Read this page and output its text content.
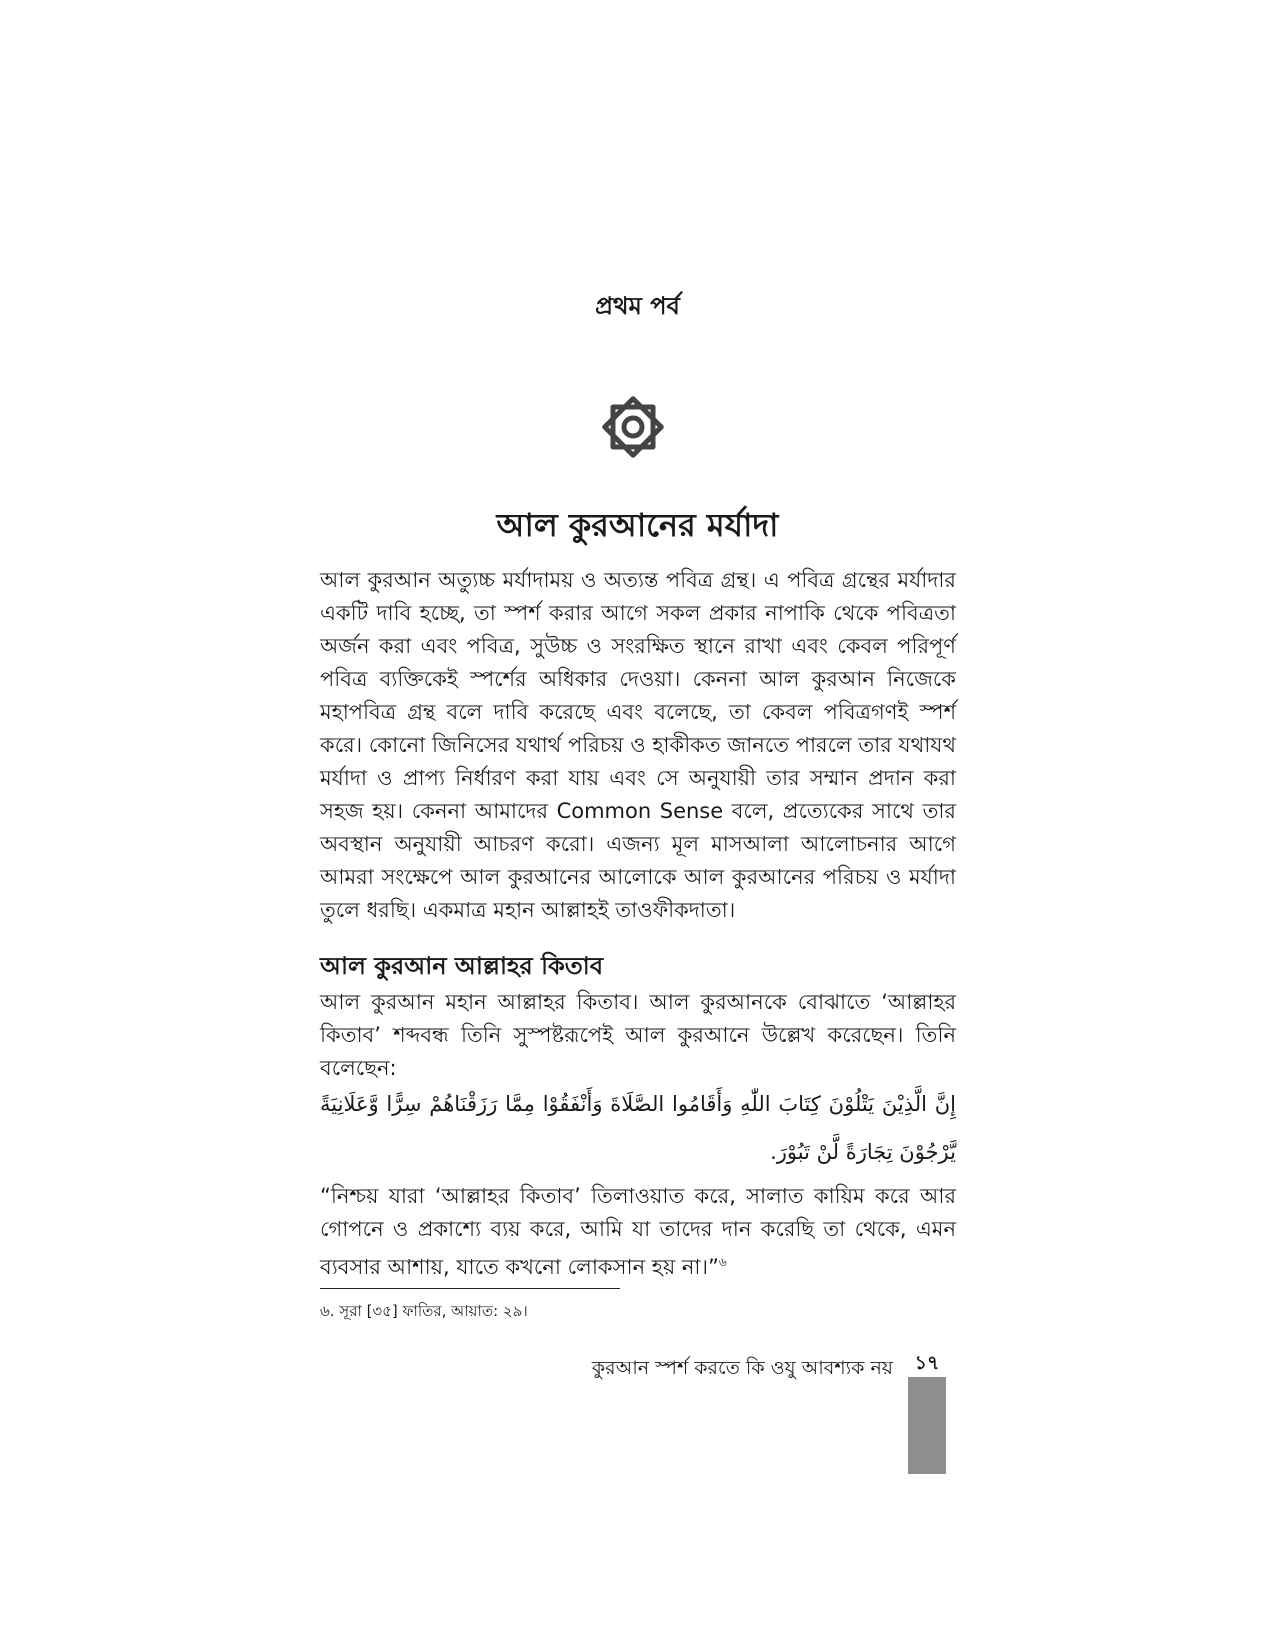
প্রথম পর্ব
আল কুরআনের মর্যাদা

আল কুরআন অত্যুচ্চ মর্যাদাময় ও অত্যন্ত পবিত্র গ্রন্থ। এ পবিত্র গ্রন্থের মর্যাদার একটি দাবি হচ্ছে, তা স্পর্শ করার আগে সকল প্রকার নাপাকি থেকে পবিত্রতা অর্জন করা এবং পবিত্র, সুউচ্চ ও সংরক্ষিত স্থানে রাখা এবং কেবল পরিপূর্ণ পবিত্র ব্যক্তিকেই স্পর্শের অধিকার দেওয়া। কেননা আল কুরআন নিজেকে মহাপবিত্র গ্রন্থ বলে দাবি করেছে এবং বলেছে, তা কেবল পবিত্রগণই স্পর্শ করে। কোনো জিনিসের যথার্থ পরিচয় ও হাকীকত জানতে পারলে তার যথাযথ মর্যাদা ও প্রাপ্য নির্ধারণ করা যায় এবং সে অনুযায়ী তার সম্মান প্রদান করা সহজ হয়। কেননা আমাদের Common Sense বলে, প্রত্যেকের সাথে তার অবস্থান অনুযায়ী আচরণ করো। এজন্য মূল মাসআলা আলোচনার আগে আমরা সংক্ষেপে আল কুরআনের আলোকে আল কুরআনের পরিচয় ও মর্যাদা তুলে ধরছি। একমাত্র মহান আল্লাহই তাওফীকদাতা।

আল কুরআন আল্লাহর কিতাব

আল কুরআন মহান আল্লাহর কিতাব। আল কুরআনকে বোঝাতে ‘আল্লাহর কিতাব’ শব্দবন্ধ তিনি সুস্পষ্টরূপেই আল কুরআনে উল্লেখ করেছেন। তিনি বলেছেন:

إِنَّ الَّذِيْنَ يَتْلُوْنَ كِتَابَ اللّٰهِ وَأَقَامُوا الصَّلَاةَ وَأَنْفَقُوْا مِمَّا رَزَقْنَاهُمْ سِرًّا وَّعَلَانِيَةً يَّرْجُوْنَ تِجَارَةً لَّنْ تَبُوْرَ.

“নিশ্চয় যারা ‘আল্লাহর কিতাব’ তিলাওয়াত করে, সালাত কায়িম করে আর গোপনে ও প্রকাশ্যে ব্যয় করে, আমি যা তাদের দান করেছি তা থেকে, এমন ব্যবসার আশায়, যাতে কখনো লোকসান হয় না।”$^৬$

৬. সূরা [৩৫] ফাতির, আয়াত: ২৯।

কুরআন স্পর্শ করতে কি ওযু আবশ্যক নয়	১৭
